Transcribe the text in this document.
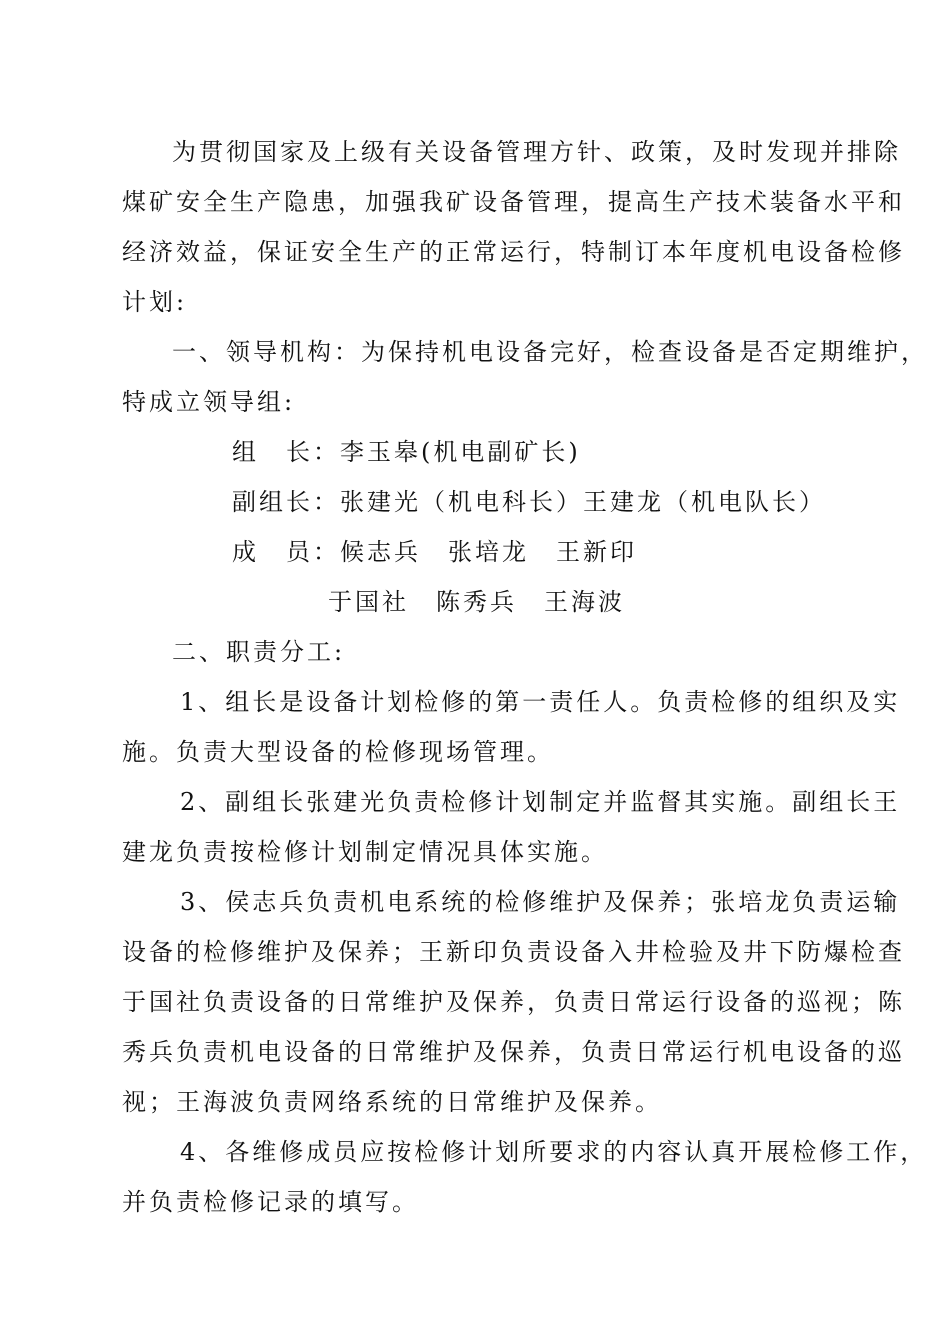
为贯彻国家及上级有关设备管理方针、政策，及时发现并排除
煤矿安全生产隐患，加强我矿设备管理，提高生产技术装备水平和
经济效益，保证安全生产的正常运行，特制订本年度机电设备检修
计划:
一、领导机构：为保持机电设备完好，检查设备是否定期维护，
特成立领导组:
组　长：李玉皋(机电副矿长)
副组长：张建光（机电科长）王建龙（机电队长）
成　员：候志兵　张培龙　王新印
于国社　陈秀兵　王海波
二、职责分工:
1、组长是设备计划检修的第一责任人。负责检修的组织及实
施。负责大型设备的检修现场管理。
2、副组长张建光负责检修计划制定并监督其实施。副组长王
建龙负责按检修计划制定情况具体实施。
3、侯志兵负责机电系统的检修维护及保养；张培龙负责运输
设备的检修维护及保养；王新印负责设备入井检验及井下防爆检查
于国社负责设备的日常维护及保养，负责日常运行设备的巡视；陈
秀兵负责机电设备的日常维护及保养，负责日常运行机电设备的巡
视；王海波负责网络系统的日常维护及保养。
4、各维修成员应按检修计划所要求的内容认真开展检修工作，
并负责检修记录的填写。
